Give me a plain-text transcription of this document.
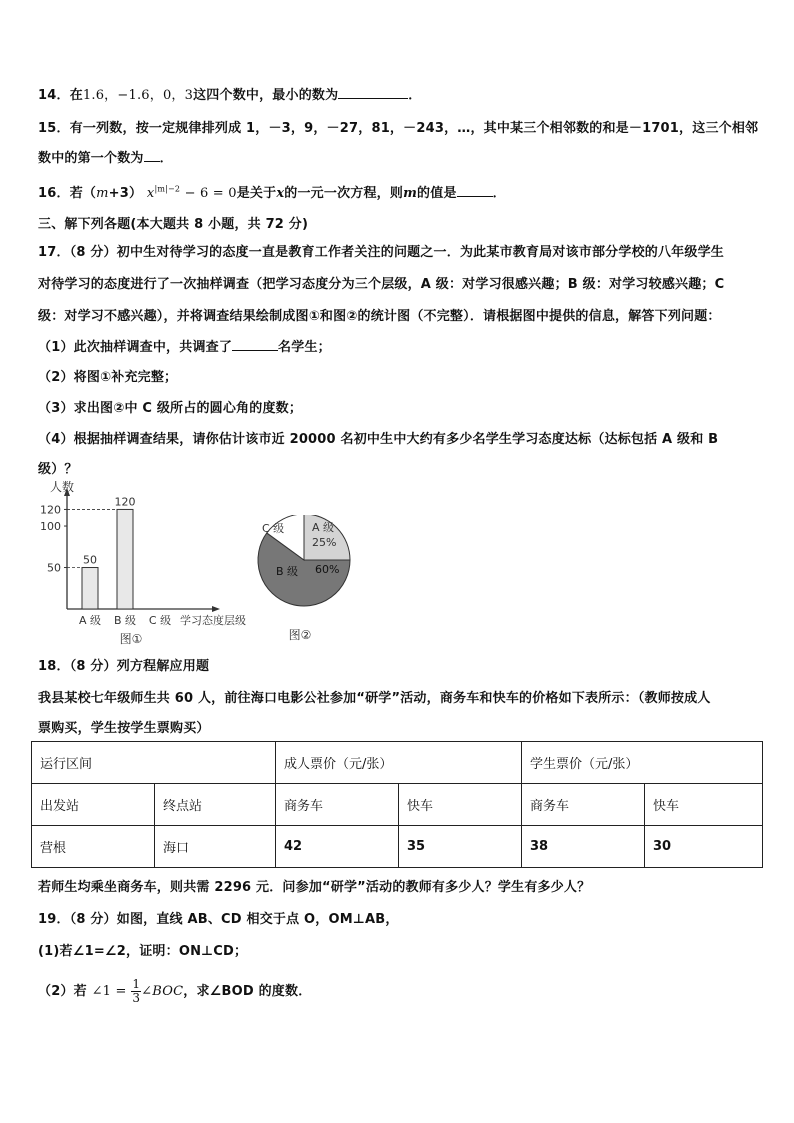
14．在1.6，−1.6，0，3这四个数中，最小的数为	．
15．有一列数，按一定规律排列成 1，－3，9，－27，81，－243，…，其中某三个相邻数的和是－1701，这三个相邻
数中的第一个数为 ．
16．若（m+3） $x^{|m|-2} - 6 = 0$是关于x的一元一次方程，则m的值是	．
三、解下列各题(本大题共 8 小题，共 72 分)
17．（8 分）初中生对待学习的态度一直是教育工作者关注的问题之一．为此某市教育局对该市部分学校的八年级学生
对待学习的态度进行了一次抽样调查（把学习态度分为三个层级，A 级：对学习很感兴趣；B 级：对学习较感兴趣；C
级：对学习不感兴趣），并将调查结果绘制成图①和图②的统计图（不完整）．请根据图中提供的信息，解答下列问题：
（1）此次抽样调查中，共调查了	名学生；
（2）将图①补充完整；
（3）求出图②中 C 级所占的圆心角的度数；
（4）根据抽样调查结果，请你估计该市近 20000 名初中生中大约有多少名学生学习态度达标（达标包括 A 级和 B
级）？
人数
50
100
120
50
A 级
120
B 级 C 级 学习态度层级
图①
A 级
25%
B 级 60%
C 级
图②
18．（8 分）列方程解应用题
我县某校七年级师生共 60 人，前往海口电影公社参加“研学”活动，商务车和快车的价格如下表所示：（教师按成人
票购买，学生按学生票购买）
运行区间		成人票价（元/张）		学生票价（元/张）	
出发站	终点站	商务车	快车	商务车	快车
营根	海口	42	35	38	30
若师生均乘坐商务车，则共需 2296 元．问参加“研学”活动的教师有多少人？学生有多少人？
19．（8 分）如图，直线 AB、CD 相交于点 O，OM⊥AB，
(1)若∠1=∠2，证明：ON⊥CD；
（2）若 ∠1 = $\frac{1}{3}$ ∠BOC，求∠BOD 的度数．
